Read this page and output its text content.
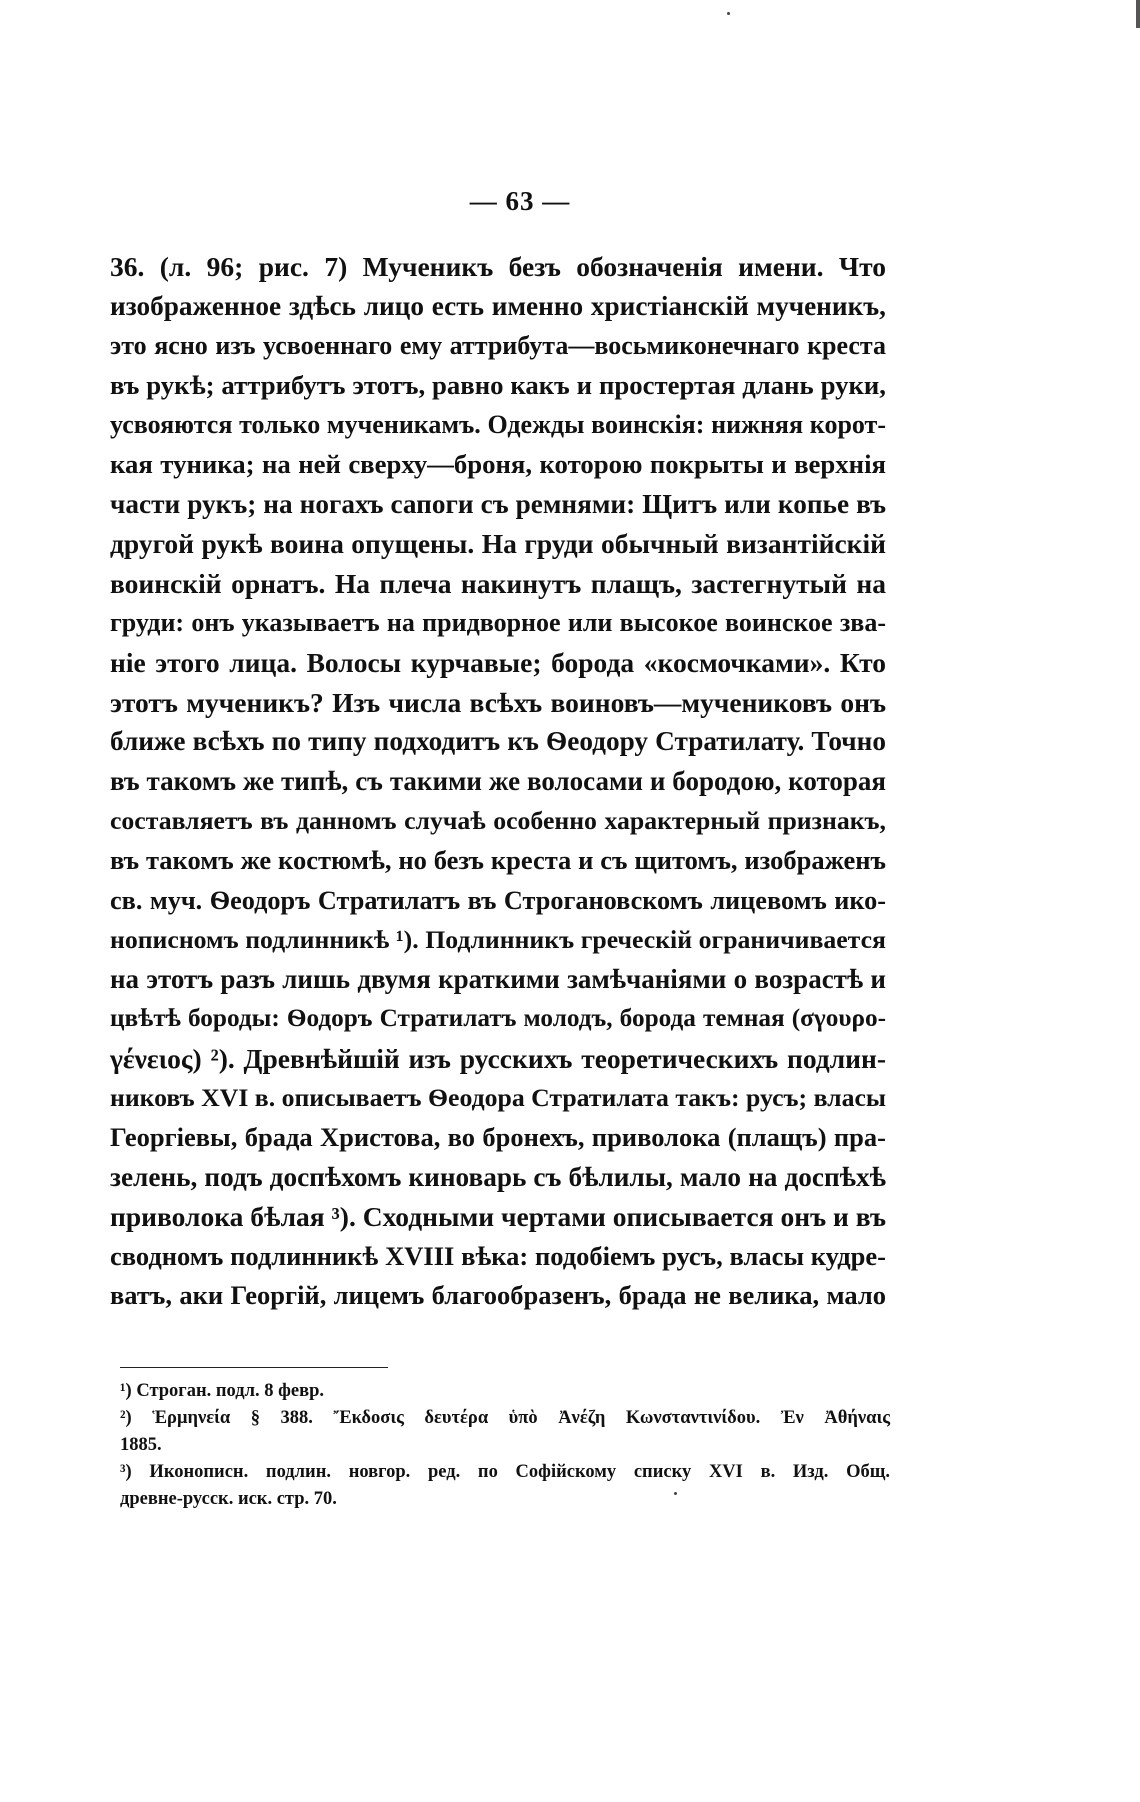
— 63 —
36. (л. 96; рис. 7) Мученикъ безъ обозначенія имени. Что
изображенное здѣсь лицо есть именно христіанскій мученикъ,
это ясно изъ усвоеннаго ему аттрибута—восьмиконечнаго креста
въ рукѣ; аттрибутъ этотъ, равно какъ и простертая длань руки,
усвояются только мученикамъ. Одежды воинскія: нижняя корот-
кая туника; на ней сверху—броня, которою покрыты и верхнія
части рукъ; на ногахъ сапоги съ ремнями: Щитъ или копье въ
другой рукѣ воина опущены. На груди обычный византійскій
воинскій орнатъ. На плеча накинутъ плащъ, застегнутый на
груди: онъ указываетъ на придворное или высокое воинское зва-
ніе этого лица. Волосы курчавые; борода «космочками». Кто
этотъ мученикъ? Изъ числа всѣхъ воиновъ—мучениковъ онъ
ближе всѣхъ по типу подходитъ къ Ѳеодору Стратилату. Точно
въ такомъ же типѣ, съ такими же волосами и бородою, которая
составляетъ въ данномъ случаѣ особенно характерный признакъ,
въ такомъ же костюмѣ, но безъ креста и съ щитомъ, изображенъ
св. муч. Ѳеодоръ Стратилатъ въ Строгановскомъ лицевомъ ико-
нописномъ подлинникѣ ¹). Подлинникъ греческій ограничивается
на этотъ разъ лишь двумя краткими замѣчаніями о возрастѣ и
цвѣтѣ бороды: Ѳодоръ Стратилатъ молодъ, борода темная (σγουρο-
γένειος) ²). Древнѣйшій изъ русскихъ теоретическихъ подлин-
никовъ XVI в. описываетъ Ѳеодора Стратилата такъ: русъ; власы
Георгіевы, брада Христова, во бронехъ, приволока (плащъ) пра-
зелень, подъ доспѣхомъ киноварь съ бѣлилы, мало на доспѣхѣ
приволока бѣлая ³). Сходными чертами описывается онъ и въ
сводномъ подлинникѣ XVIII вѣка: подобіемъ русъ, власы кудре-
ватъ, аки Георгій, лицемъ благообразенъ, брада не велика, мало
¹) Строган. подл. 8 февр.
²) Ἑρμηνεία § 388. Ἔκδοσις δευτέρα ὑπὸ Ἀνέζη Κωνσταντινίδου. Ἐν Ἀθήναις
1885.
³) Иконописн. подлин. новгор. ред. по Софійскому списку XVI в. Изд. Общ.
древне-русск. иск. стр. 70.
